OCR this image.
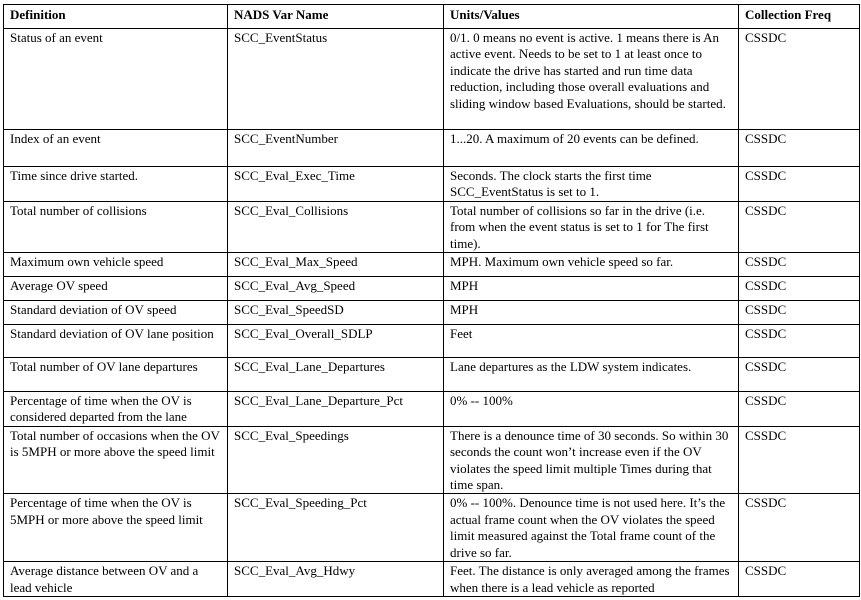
Definition	NADS Var Name	Units/Values	Collection Freq
Status of an event	SCC_EventStatus	0/1. 0 means no event is active. 1 means there is An active event. Needs to be set to 1 at least once to indicate the drive has started and run time data reduction, including those overall evaluations and sliding window based Evaluations, should be started.	CSSDC
Index of an event	SCC_EventNumber	1...20. A maximum of 20 events can be defined.	CSSDC
Time since drive started.	SCC_Eval_Exec_Time	Seconds. The clock starts the first time SCC_EventStatus is set to 1.	CSSDC
Total number of collisions	SCC_Eval_Collisions	Total number of collisions so far in the drive (i.e. from when the event status is set to 1 for The first time).	CSSDC
Maximum own vehicle speed	SCC_Eval_Max_Speed	MPH. Maximum own vehicle speed so far.	CSSDC
Average OV speed	SCC_Eval_Avg_Speed	MPH	CSSDC
Standard deviation of OV speed	SCC_Eval_SpeedSD	MPH	CSSDC
Standard deviation of OV lane position	SCC_Eval_Overall_SDLP	Feet	CSSDC
Total number of OV lane departures	SCC_Eval_Lane_Departures	Lane departures as the LDW system indicates.	CSSDC
Percentage of time when the OV is considered departed from the lane	SCC_Eval_Lane_Departure_Pct	0% -- 100%	CSSDC
Total number of occasions when the OV is 5MPH or more above the speed limit	SCC_Eval_Speedings	There is a denounce time of 30 seconds. So within 30 seconds the count won’t increase even if the OV violates the speed limit multiple Times during that time span.	CSSDC
Percentage of time when the OV is 5MPH or more above the speed limit	SCC_Eval_Speeding_Pct	0% -- 100%. Denounce time is not used here. It’s the actual frame count when the OV violates the speed limit measured against the Total frame count of the drive so far.	CSSDC
Average distance between OV and a lead vehicle	SCC_Eval_Avg_Hdwy	Feet. The distance is only averaged among the frames when there is a lead vehicle as reported	CSSDC
